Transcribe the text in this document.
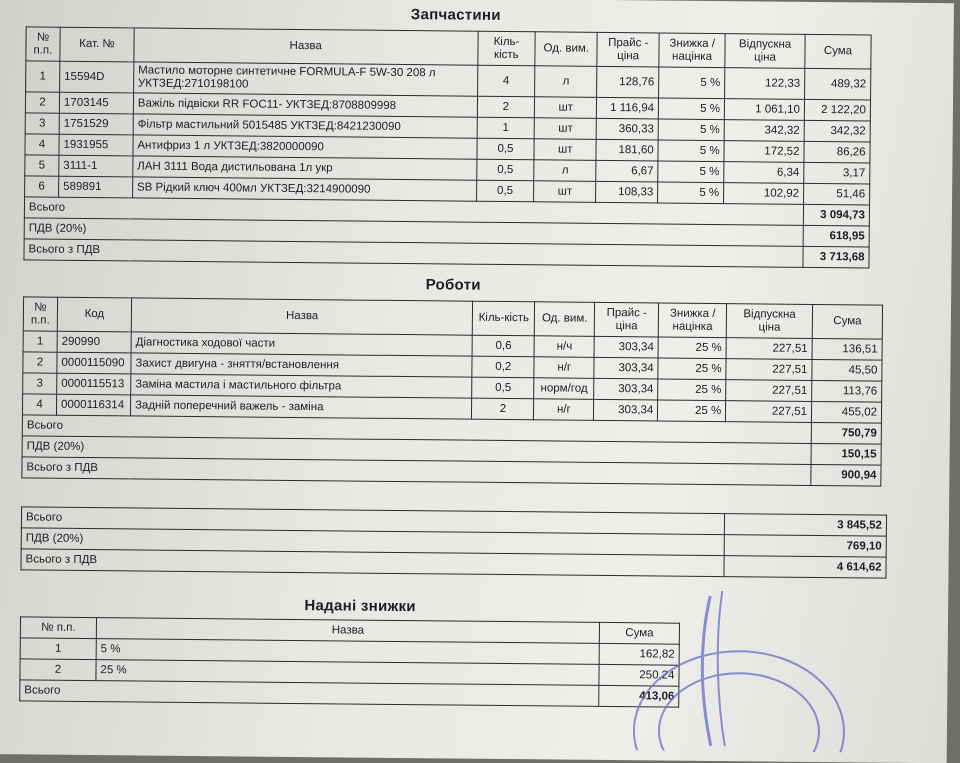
Запчастини
№ п.п.	Кат. №	Назва	Кіль-кість	Од. вим.	Прайс - ціна	Знижка / націнка	Відпускна ціна	Сума
1	15594D	Мастило моторне синтетичне FORMULA-F 5W-30 208 л УКТЗЕД:2710198100	4	л	128,76	5 %	122,33	489,32
2	1703145	Важіль підвіски RR FOC11- УКТЗЕД:8708809998	2	шт	1 116,94	5 %	1 061,10	2 122,20
3	1751529	Фільтр мастильний 5015485 УКТЗЕД:8421230090	1	шт	360,33	5 %	342,32	342,32
4	1931955	Антифриз 1 л УКТЗЕД:3820000090	0,5	шт	181,60	5 %	172,52	86,26
5	3111-1	ЛАН 3111 Вода дистильована 1л укр	0,5	л	6,67	5 %	6,34	3,17
6	589891	SB Рідкий ключ 400мл УКТЗЕД:3214900090	0,5	шт	108,33	5 %	102,92	51,46
Всього								3 094,73
ПДВ (20%)								618,95
Всього з ПДВ								3 713,68
Роботи
№ п.п.	Код	Назва	Кіль-кість	Од. вим.	Прайс - ціна	Знижка / націнка	Відпускна ціна	Сума
1	290990	Діагностика ходової части	0,6	н/ч	303,34	25 %	227,51	136,51
2	0000115090	Захист двигуна - зняття/встановлення	0,2	н/г	303,34	25 %	227,51	45,50
3	0000115513	Заміна мастила і мастильного фільтра	0,5	норм/год	303,34	25 %	227,51	113,76
4	0000116314	Задній поперечний важель - заміна	2	н/г	303,34	25 %	227,51	455,02
Всього								750,79
ПДВ (20%)								150,15
Всього з ПДВ								900,94
Всього	3 845,52
ПДВ (20%)	769,10
Всього з ПДВ	4 614,62
Надані знижки
№ п.п.	Назва	Сума
1	5 %	162,82
2	25 %	250,24
Всього		413,06
